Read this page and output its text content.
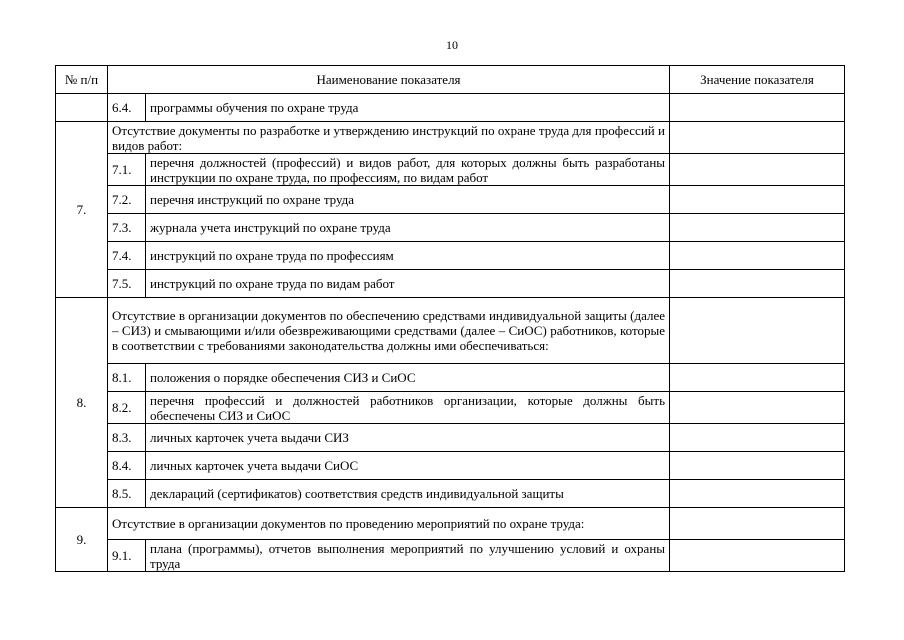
10
№ п/п	Наименование показателя		Значение показателя
	6.4.	программы обучения по охране труда	
7.	Отсутствие документы по разработке и утверждению инструкций по охране труда для профессий и видов работ:		
	7.1.	перечня должностей (профессий) и видов работ, для которых должны быть разработаны инструкции по охране труда, по профессиям, по видам работ	
	7.2.	перечня инструкций по охране труда	
	7.3.	журнала учета инструкций по охране труда	
	7.4.	инструкций по охране труда по профессиям	
	7.5.	инструкций по охране труда по видам работ	
8.	Отсутствие в организации документов по обеспечению средствами индивидуальной защиты (далее – СИЗ) и смывающими и/или обезвреживающими средствами (далее – СиОС) работников, которые в соответствии с требованиями законодательства должны ими обеспечиваться:		
	8.1.	положения о порядке обеспечения СИЗ и СиОС	
	8.2.	перечня профессий и должностей работников организации, которые должны быть обеспечены СИЗ и СиОС	
	8.3.	личных карточек учета выдачи СИЗ	
	8.4.	личных карточек учета выдачи СиОС	
	8.5.	деклараций (сертификатов) соответствия средств индивидуальной защиты	
9.	Отсутствие в организации документов по проведению мероприятий по охране труда:		
	9.1.	плана (программы), отчетов выполнения мероприятий по улучшению условий и охраны труда	
